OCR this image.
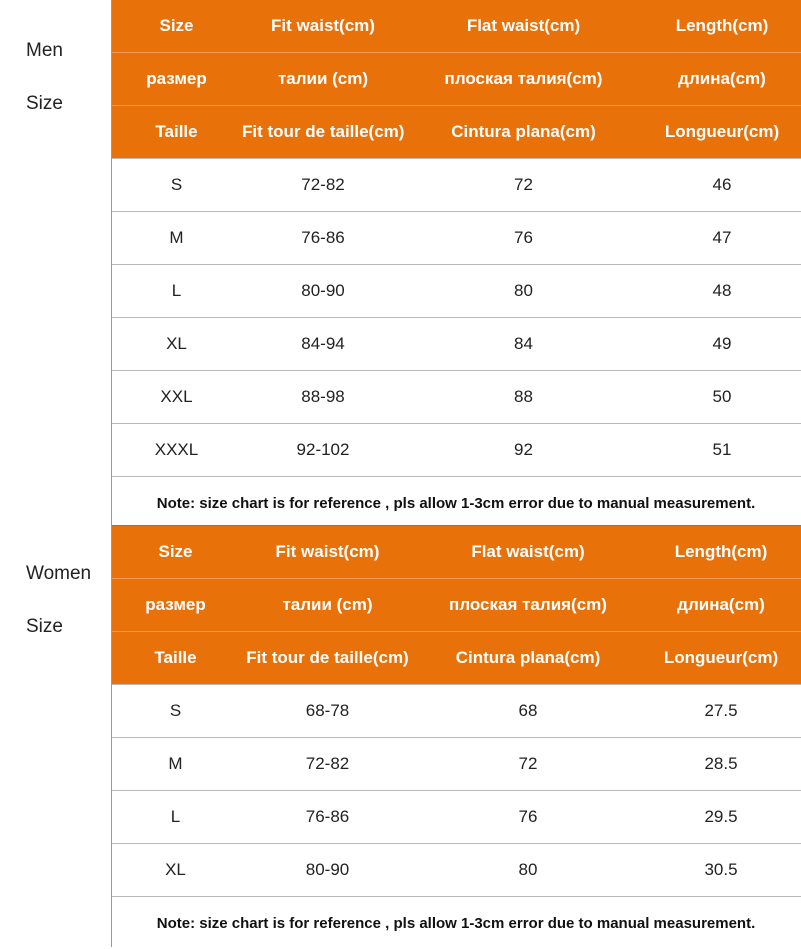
Men
Size
Women
Size
Size	Fit waist(cm)	Flat waist(cm)	Length(cm)
размер	талии (cm)	плоская талия(cm)	длина(cm)
Taille	Fit tour de taille(cm)	Cintura plana(cm)	Longueur(cm)
S	72-82	72	46
M	76-86	76	47
L	80-90	80	48
XL	84-94	84	49
XXL	88-98	88	50
XXXL	92-102	92	51
Note: size chart is for reference , pls allow 1-3cm error due to manual measurement.			
Size	Fit waist(cm)	Flat waist(cm)	Length(cm)
размер	талии (cm)	плоская талия(cm)	длина(cm)
Taille	Fit tour de taille(cm)	Cintura plana(cm)	Longueur(cm)
S	68-78	68	27.5
M	72-82	72	28.5
L	76-86	76	29.5
XL	80-90	80	30.5
Note: size chart is for reference , pls allow 1-3cm error due to manual measurement.			
